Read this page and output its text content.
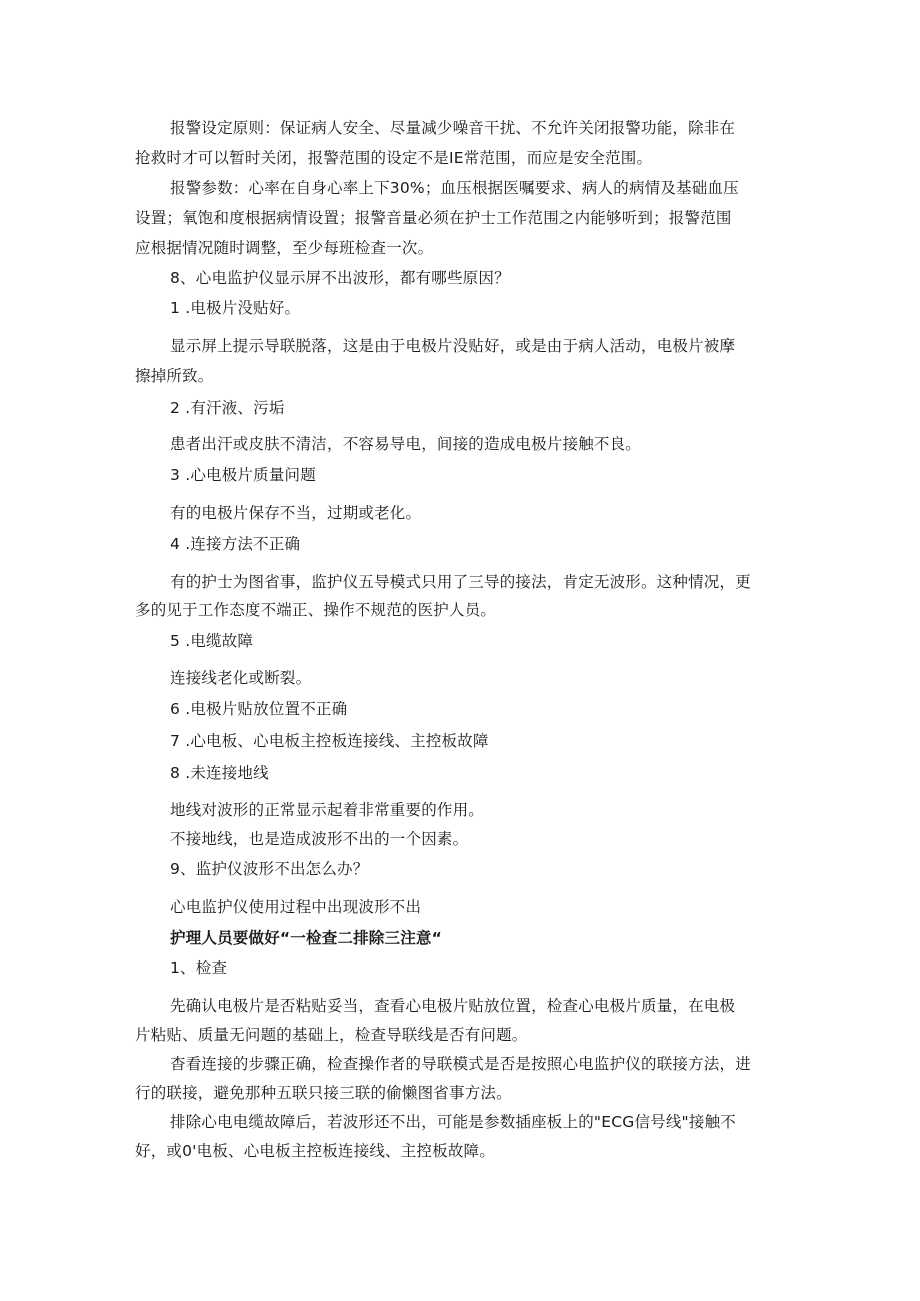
报警设定原则：保证病人安全、尽量减少噪音干扰、不允许关闭报警功能，除非在
抢救时才可以暂时关闭，报警范围的设定不是IE常范围，而应是安全范围。
报警参数：心率在自身心率上下30%；血压根据医嘱要求、病人的病情及基础血压
设置；氧饱和度根据病情设置；报警音量必须在护士工作范围之内能够听到；报警范围
应根据情况随时调整，至少每班检查一次。
8、心电监护仪显示屏不出波形，都有哪些原因？
1 .电极片没贴好。
显示屏上提示导联脱落，这是由于电极片没贴好，或是由于病人活动，电极片被摩
擦掉所致。
2 .有汗液、污垢
患者出汗或皮肤不清洁，不容易导电，间接的造成电极片接触不良。
3 .心电极片质量问题
有的电极片保存不当，过期或老化。
4 .连接方法不正确
有的护士为图省事，监护仪五导模式只用了三导的接法，肯定无波形。这种情况，更
多的见于工作态度不端正、操作不规范的医护人员。
5 .电缆故障
连接线老化或断裂。
6 .电极片贴放位置不正确
7 .心电板、心电板主控板连接线、主控板故障
8 .未连接地线
地线对波形的正常显示起着非常重要的作用。
不接地线，也是造成波形不出的一个因素。
9、监护仪波形不出怎么办？
心电监护仪使用过程中出现波形不出
护理人员要做好“一检查二排除三注意“
1、检查
先确认电极片是否粘贴妥当，查看心电极片贴放位置，检查心电极片质量，在电极
片粘贴、质量无问题的基础上，检查导联线是否有问题。
杳看连接的步骤正确，检查操作者的导联模式是否是按照心电监护仪的联接方法，进
行的联接，避免那种五联只接三联的偷懒图省事方法。
排除心电电缆故障后，若波形还不出，可能是参数插座板上的"ECG信号线"接触不
好，或0'电板、心电板主控板连接线、主控板故障。
